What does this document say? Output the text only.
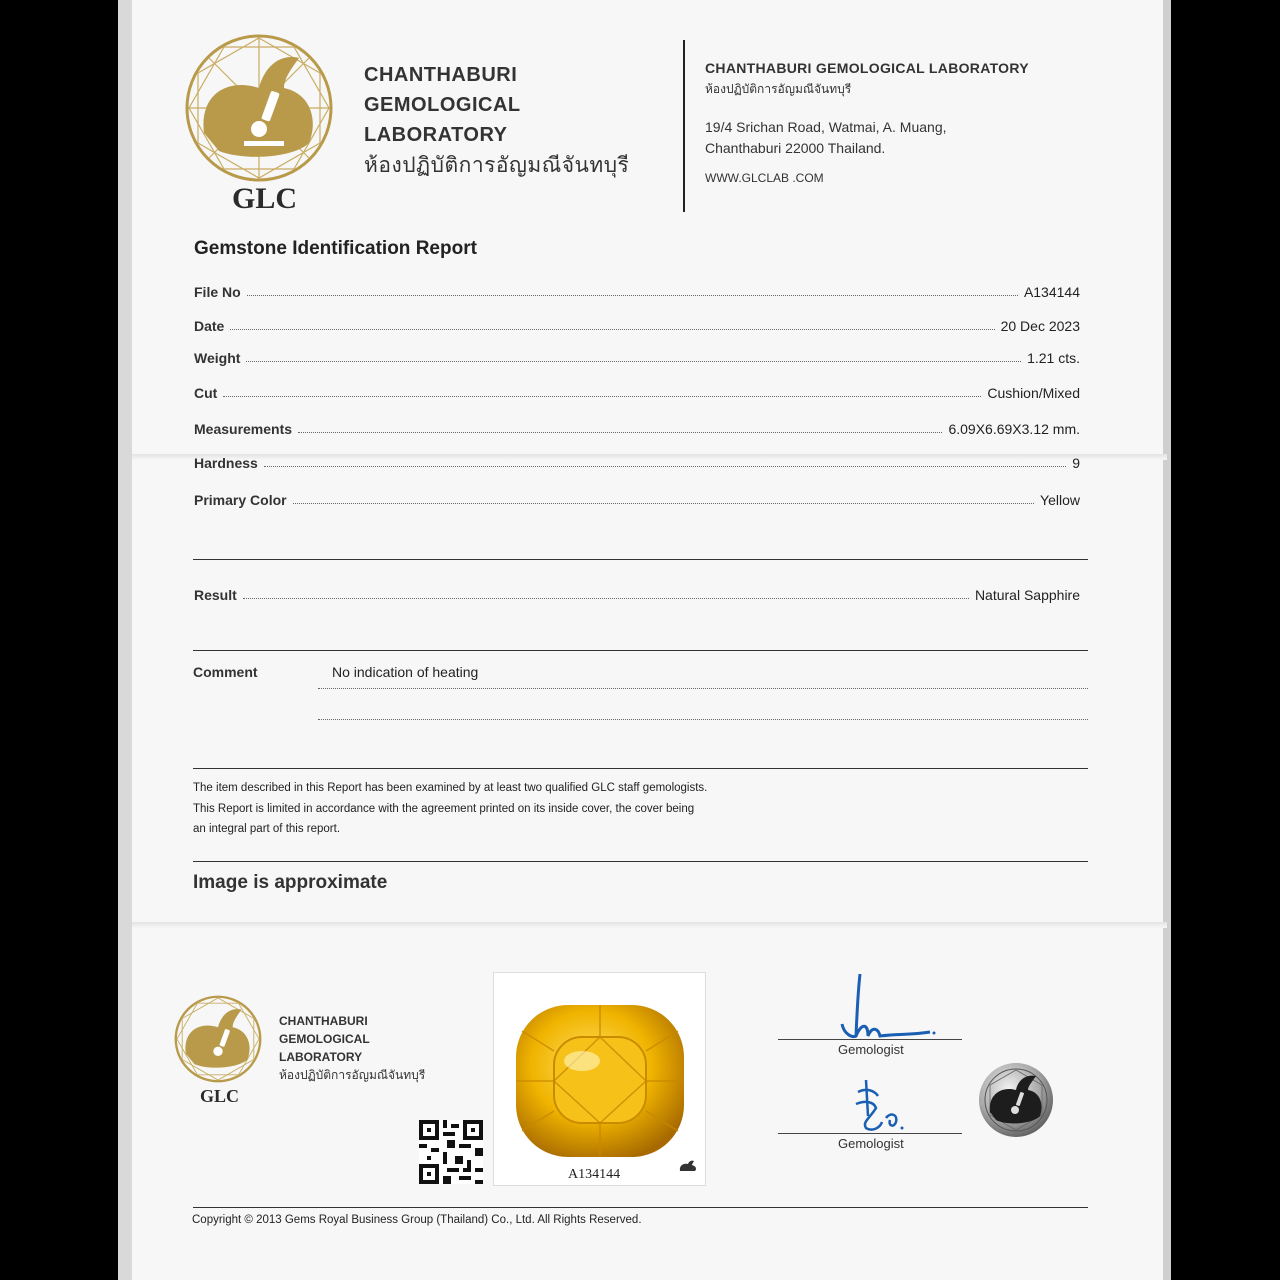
GLC
CHANTHABURI
GEMOLOGICAL
LABORATORY
ห้องปฏิบัติการอัญมณีจันทบุรี
CHANTHABURI GEMOLOGICAL LABORATORY
ห้องปฏิบัติการอัญมณีจันทบุรี
19/4 Srichan Road, Watmai, A. Muang,
Chanthaburi 22000 Thailand.
WWW.GLCLAB .COM
Gemstone Identification Report
File No	A134144
Date	20 Dec 2023
Weight	1.21 cts.
Cut	Cushion/Mixed
Measurements	6.09X6.69X3.12 mm.
Hardness	9
Primary Color	Yellow
Result	Natural Sapphire
Comment	No indication of heating
The item described in this Report has been examined by at least two qualified GLC staff gemologists.
This Report is limited in accordance with the agreement printed on its inside cover, the cover being
an integral part of this report.
Image is approximate
GLC
CHANTHABURI
GEMOLOGICAL
LABORATORY
ห้องปฏิบัติการอัญมณีจันทบุรี
A134144
Gemologist
Gemologist
Copyright © 2013 Gems Royal Business Group (Thailand) Co., Ltd. All Rights Reserved.
